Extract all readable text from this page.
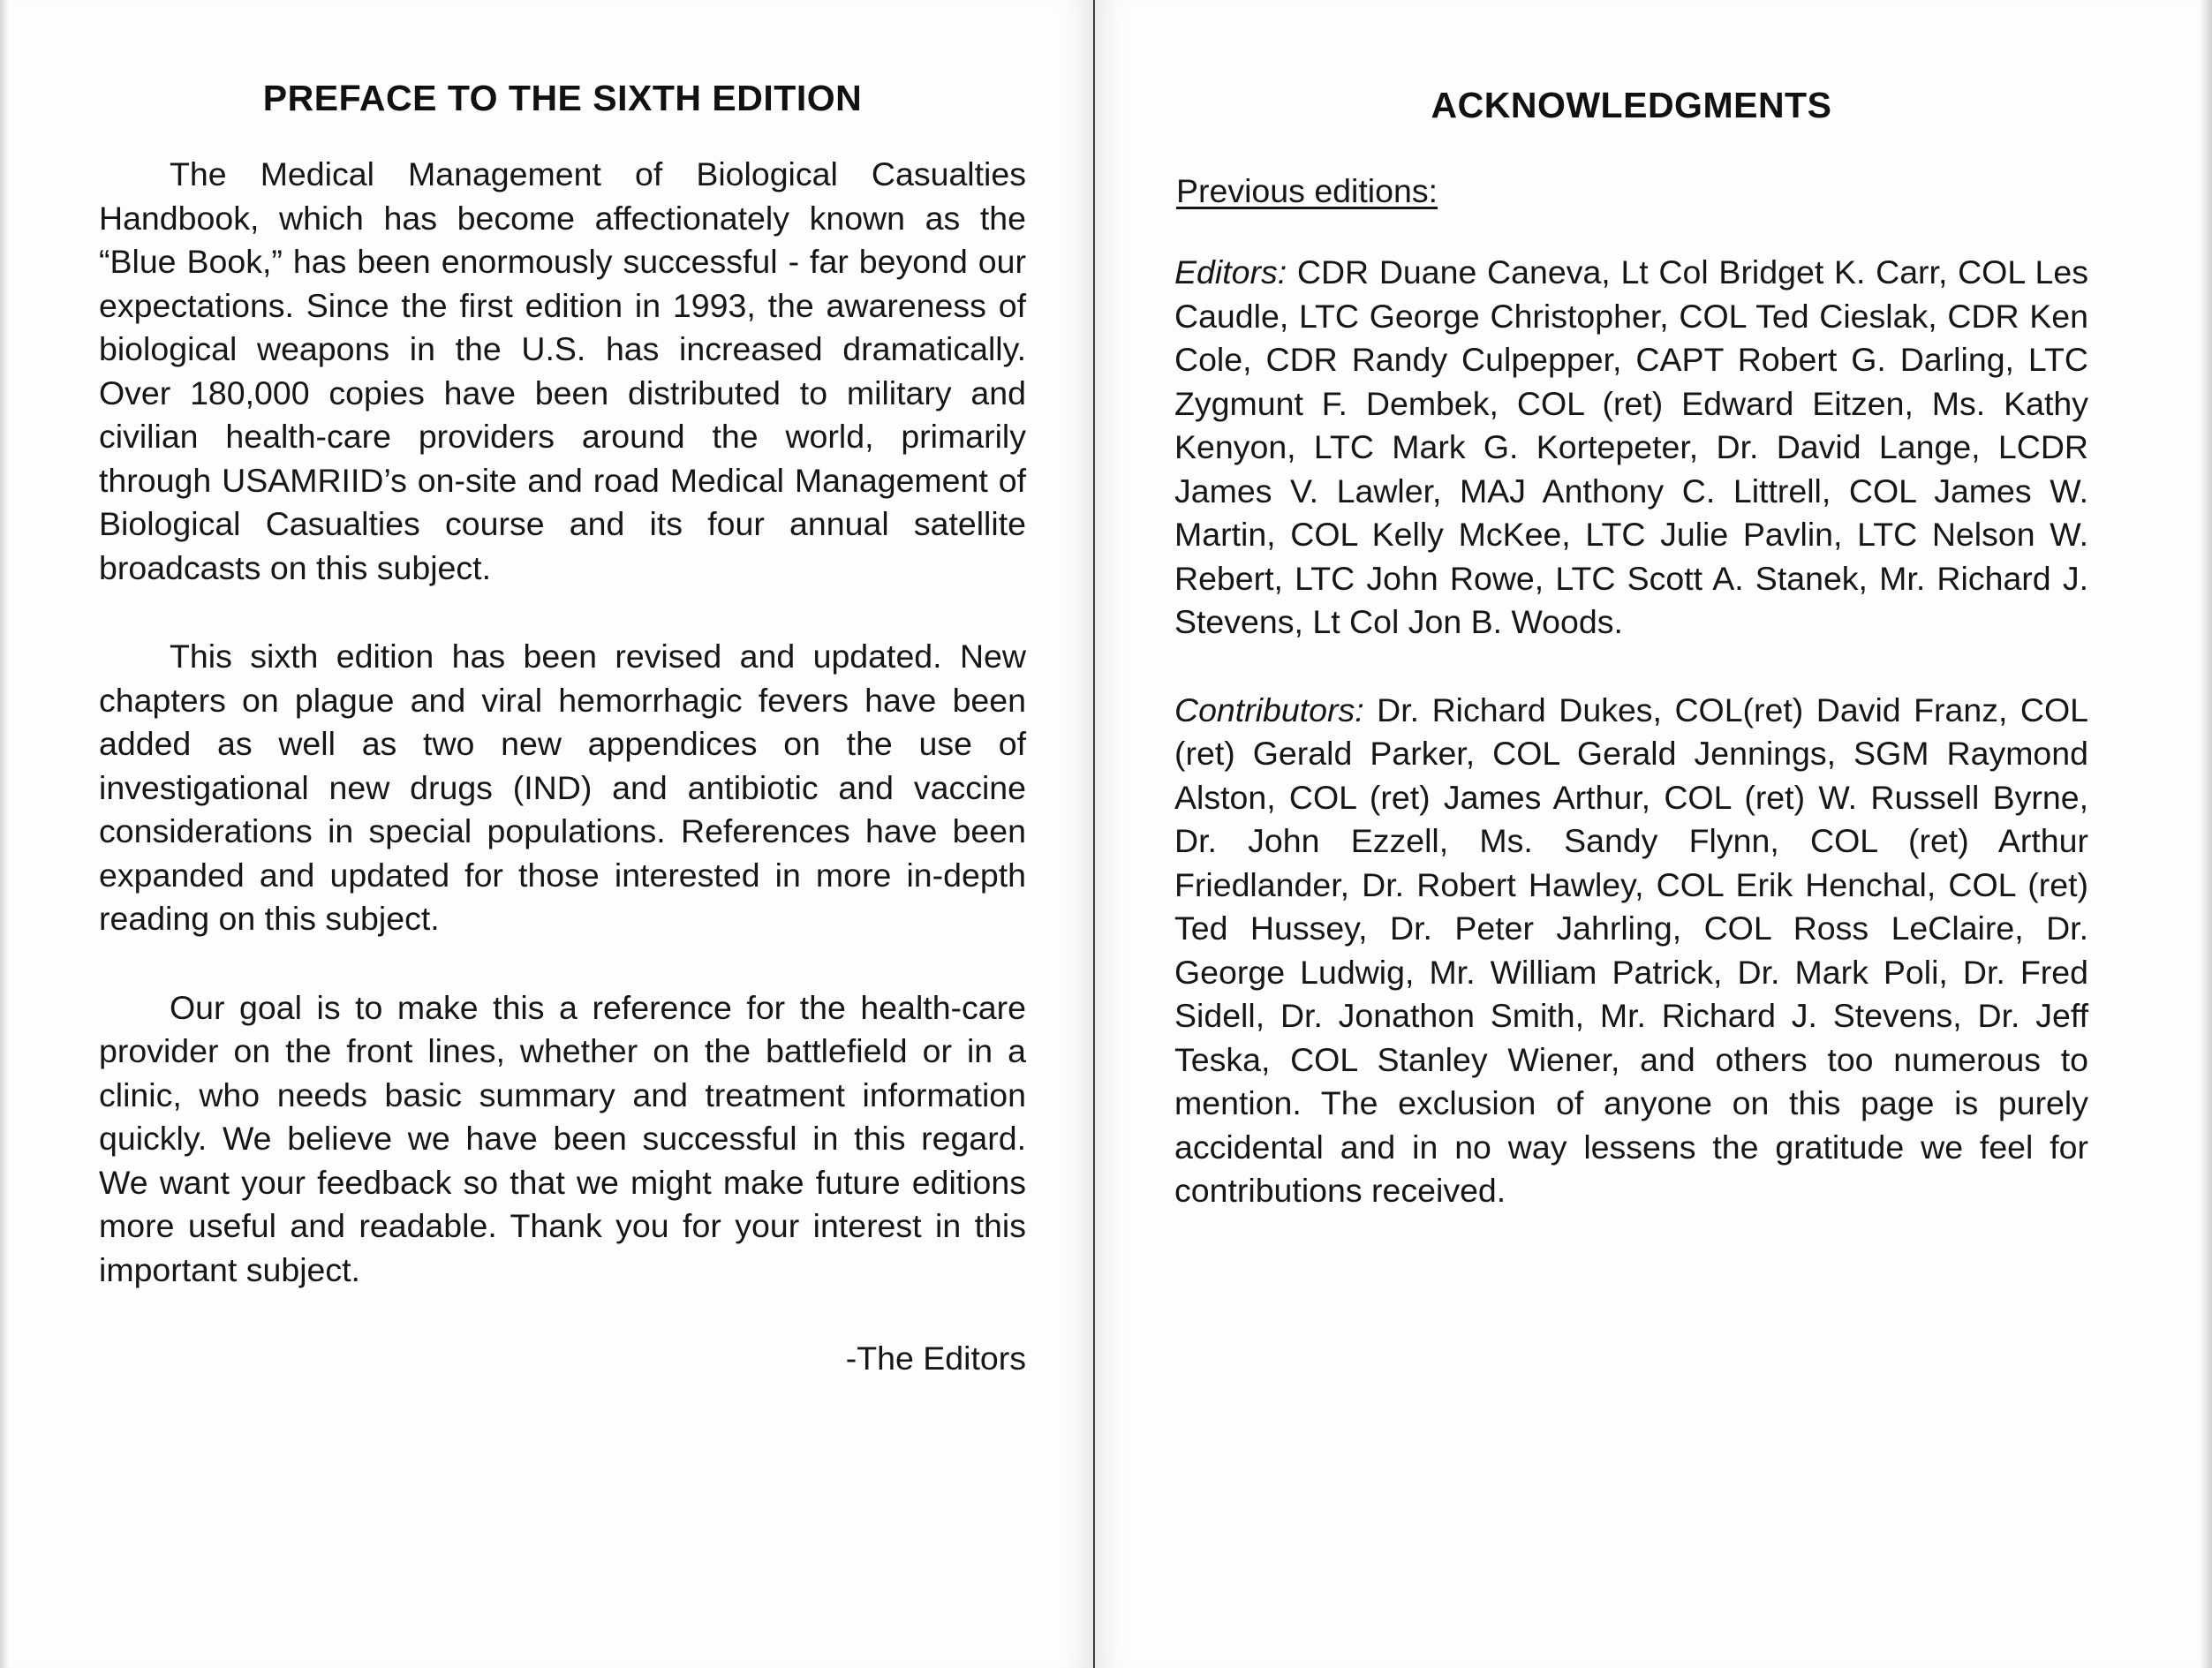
PREFACE TO THE SIXTH EDITION

The Medical Management of Biological Casualties Handbook, which has become affectionately known as the “Blue Book,” has been enormously successful - far beyond our expectations. Since the first edition in 1993, the awareness of biological weapons in the U.S. has increased dramatically. Over 180,000 copies have been distributed to military and civilian health-care providers around the world, primarily through USAMRIID’s on-site and road Medical Management of Biological Casualties course and its four annual satellite broadcasts on this subject.

This sixth edition has been revised and updated. New chapters on plague and viral hemorrhagic fevers have been added as well as two new appendices on the use of investigational new drugs (IND) and antibiotic and vaccine considerations in special populations. References have been expanded and updated for those interested in more in-depth reading on this subject.

Our goal is to make this a reference for the health-care provider on the front lines, whether on the battlefield or in a clinic, who needs basic summary and treatment information quickly. We believe we have been successful in this regard. We want your feedback so that we might make future editions more useful and readable. Thank you for your interest in this important subject.

-The Editors
ACKNOWLEDGMENTS
Previous editions:

Editors: CDR Duane Caneva, Lt Col Bridget K. Carr, COL Les Caudle, LTC George Christopher, COL Ted Cieslak, CDR Ken Cole, CDR Randy Culpepper, CAPT Robert G. Darling, LTC Zygmunt F. Dembek, COL (ret) Edward Eitzen, Ms. Kathy Kenyon, LTC Mark G. Kortepeter, Dr. David Lange, LCDR James V. Lawler, MAJ Anthony C. Littrell, COL James W. Martin, COL Kelly McKee, LTC Julie Pavlin, LTC Nelson W. Rebert, LTC John Rowe, LTC Scott A. Stanek, Mr. Richard J. Stevens, Lt Col Jon B. Woods.

Contributors: Dr. Richard Dukes, COL(ret) David Franz, COL (ret) Gerald Parker, COL Gerald Jennings, SGM Raymond Alston, COL (ret) James Arthur, COL (ret) W. Russell Byrne, Dr. John Ezzell, Ms. Sandy Flynn, COL (ret) Arthur Friedlander, Dr. Robert Hawley, COL Erik Henchal, COL (ret) Ted Hussey, Dr. Peter Jahrling, COL Ross LeClaire, Dr. George Ludwig, Mr. William Patrick, Dr. Mark Poli, Dr. Fred Sidell, Dr. Jonathon Smith, Mr. Richard J. Stevens, Dr. Jeff Teska, COL Stanley Wiener, and others too numerous to mention. The exclusion of anyone on this page is purely accidental and in no way lessens the gratitude we feel for contributions received.
